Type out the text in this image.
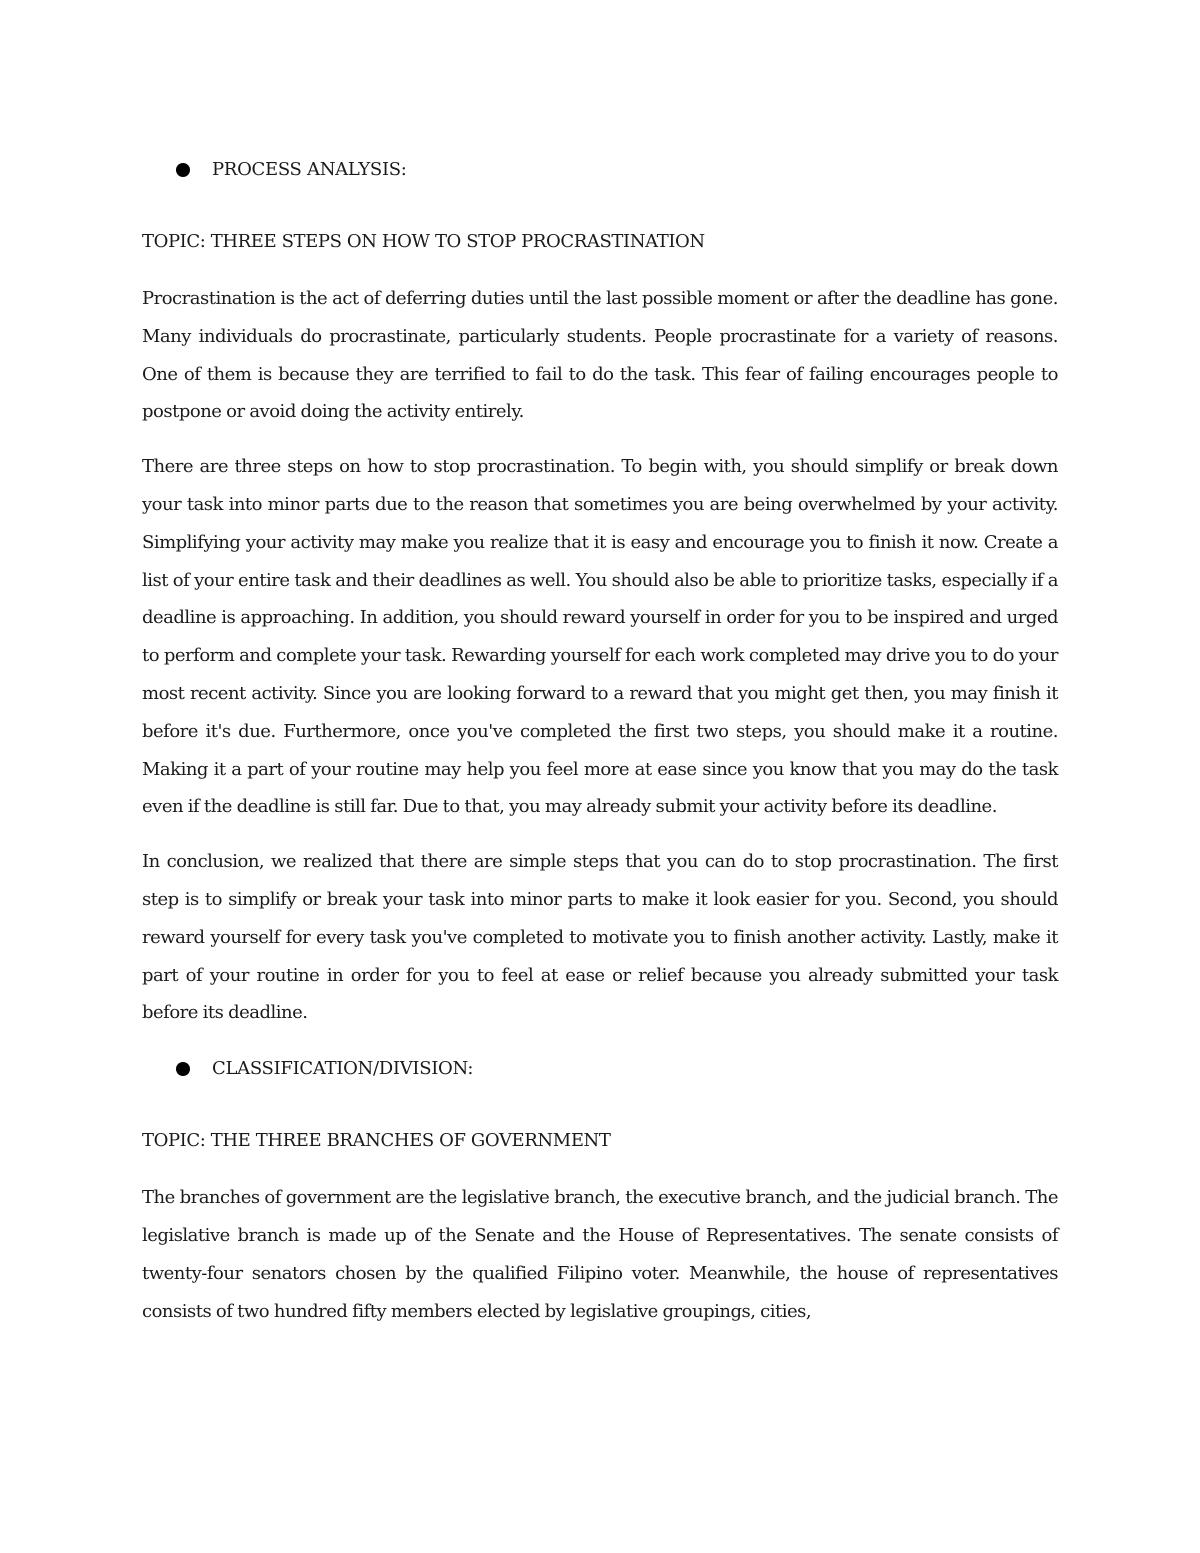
PROCESS ANALYSIS:
TOPIC: THREE STEPS ON HOW TO STOP PROCRASTINATION

Procrastination is the act of deferring duties until the last possible moment or after the deadline has gone. Many individuals do procrastinate, particularly students. People procrastinate for a variety of reasons. One of them is because they are terrified to fail to do the task. This fear of failing encourages people to postpone or avoid doing the activity entirely.

There are three steps on how to stop procrastination. To begin with, you should simplify or break down your task into minor parts due to the reason that sometimes you are being overwhelmed by your activity. Simplifying your activity may make you realize that it is easy and encourage you to finish it now. Create a list of your entire task and their deadlines as well. You should also be able to prioritize tasks, especially if a deadline is approaching. In addition, you should reward yourself in order for you to be inspired and urged to perform and complete your task. Rewarding yourself for each work completed may drive you to do your most recent activity. Since you are looking forward to a reward that you might get then, you may finish it before it's due. Furthermore, once you've completed the first two steps, you should make it a routine. Making it a part of your routine may help you feel more at ease since you know that you may do the task even if the deadline is still far. Due to that, you may already submit your activity before its deadline.

In conclusion, we realized that there are simple steps that you can do to stop procrastination. The first step is to simplify or break your task into minor parts to make it look easier for you. Second, you should reward yourself for every task you've completed to motivate you to finish another activity. Lastly, make it part of your routine in order for you to feel at ease or relief because you already submitted your task before its deadline.

CLASSIFICATION/DIVISION:
TOPIC: THE THREE BRANCHES OF GOVERNMENT

The branches of government are the legislative branch, the executive branch, and the judicial branch. The legislative branch is made up of the Senate and the House of Representatives. The senate consists of twenty-four senators chosen by the qualified Filipino voter. Meanwhile, the house of representatives consists of two hundred fifty members elected by legislative groupings, cities,
